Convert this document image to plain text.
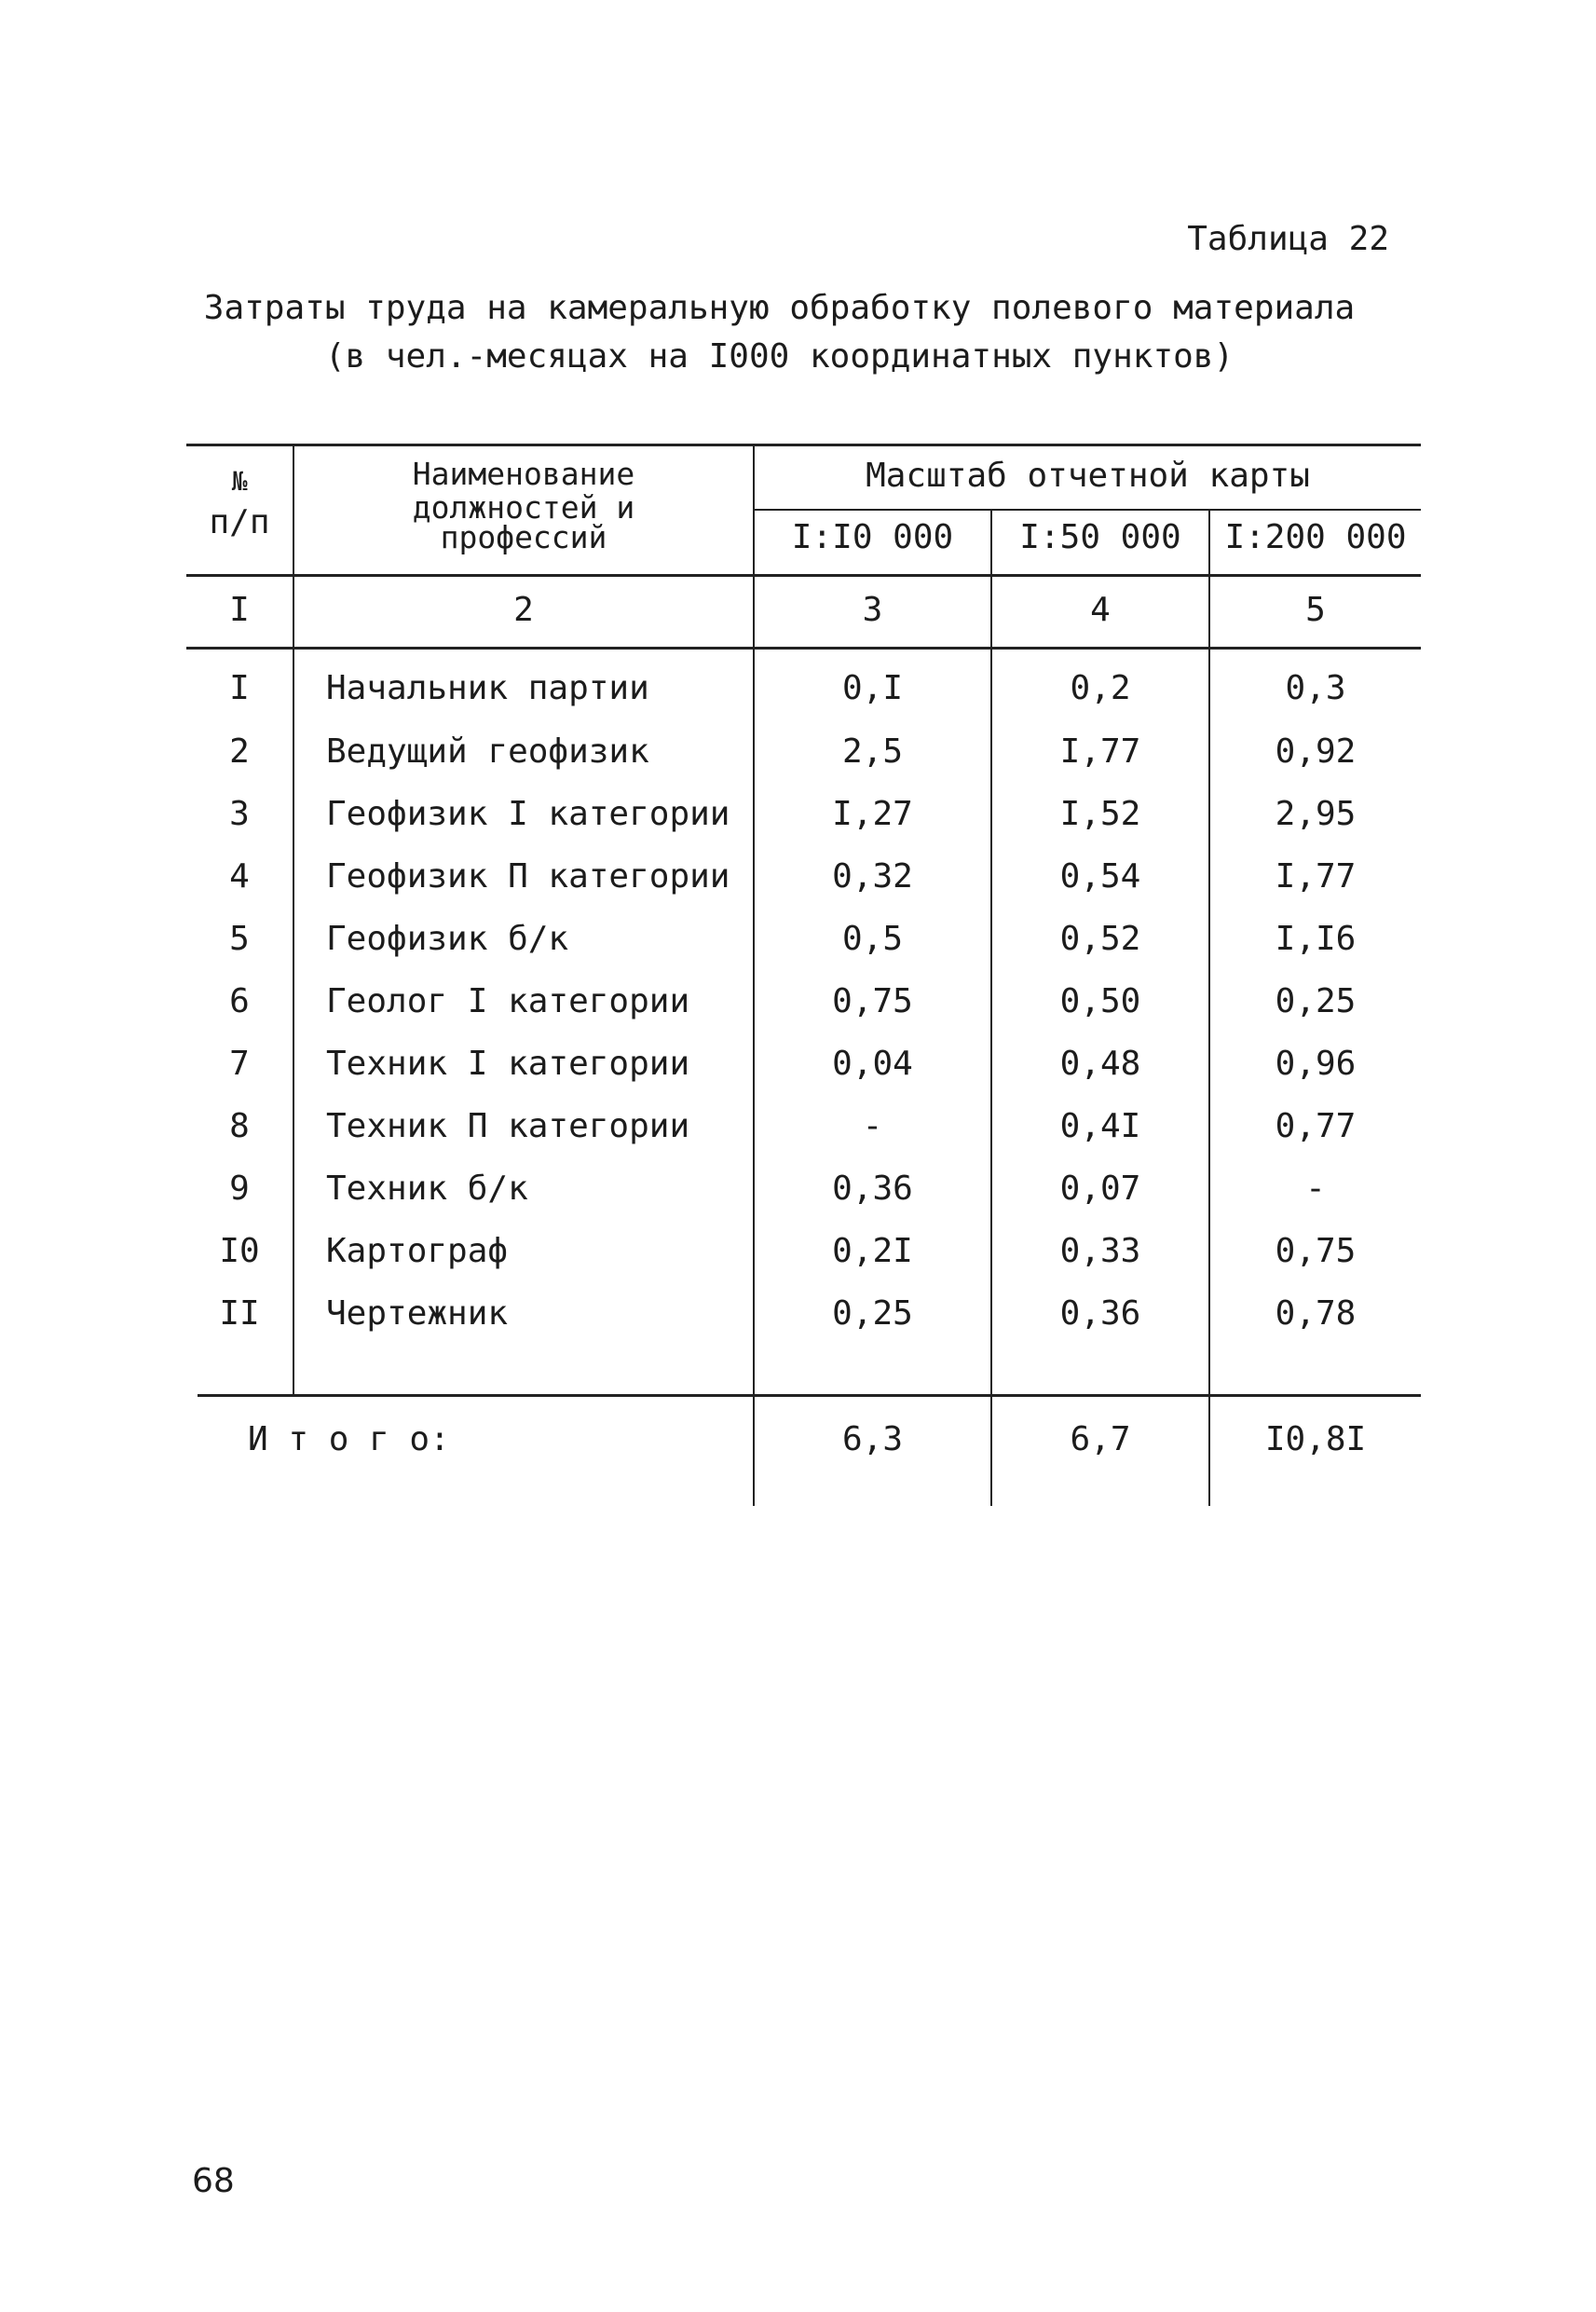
Таблица 22
Затраты труда на камеральную обработку полевого материала
(в чел.-месяцах на I000 координатных пунктов)
№
п/п
Наименование
должностей и
профессий
Масштаб отчетной карты
I:I0 000	I:50 000	I:200 000
I	2	3	4	5
I	Начальник партии	0,I	0,2	0,3
2	Ведущий геофизик	2,5	I,77	0,92
3	Геофизик I категории	I,27	I,52	2,95
4	Геофизик П категории	0,32	0,54	I,77
5	Геофизик б/к	0,5	0,52	I,I6
6	Геолог I категории	0,75	0,50	0,25
7	Техник I категории	0,04	0,48	0,96
8	Техник П категории	-	0,4I	0,77
9	Техник б/к	0,36	0,07	-
I0	Картограф	0,2I	0,33	0,75
II	Чертежник	0,25	0,36	0,78
И т о г о:	6,3	6,7	I0,8I
68
